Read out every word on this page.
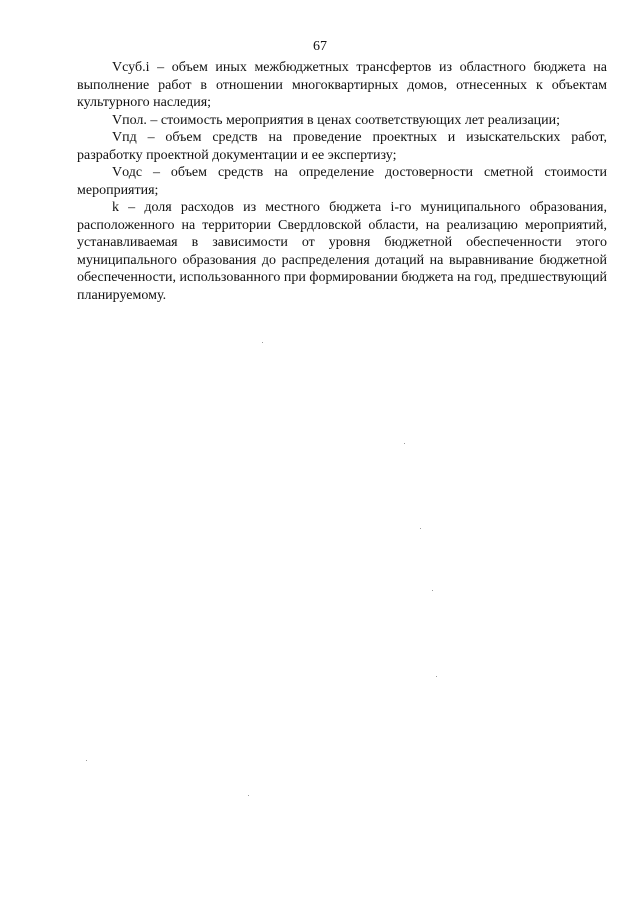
67

Vсуб.i – объем иных межбюджетных трансфертов из областного бюджета на выполнение работ в отношении многоквартирных домов, отнесенных к объектам культурного наследия;

Vпол. – стоимость мероприятия в ценах соответствующих лет реализации;

Vпд – объем средств на проведение проектных и изыскательских работ, разработку проектной документации и ее экспертизу;

Vодс – объем средств на определение достоверности сметной стоимости мероприятия;

k – доля расходов из местного бюджета i-го муниципального образования, расположенного на территории Свердловской области, на реализацию мероприятий, устанавливаемая в зависимости от уровня бюджетной обеспеченности этого муниципального образования до распределения дотаций на выравнивание бюджетной обеспеченности, использованного при формировании бюджета на год, предшествующий планируемому.
